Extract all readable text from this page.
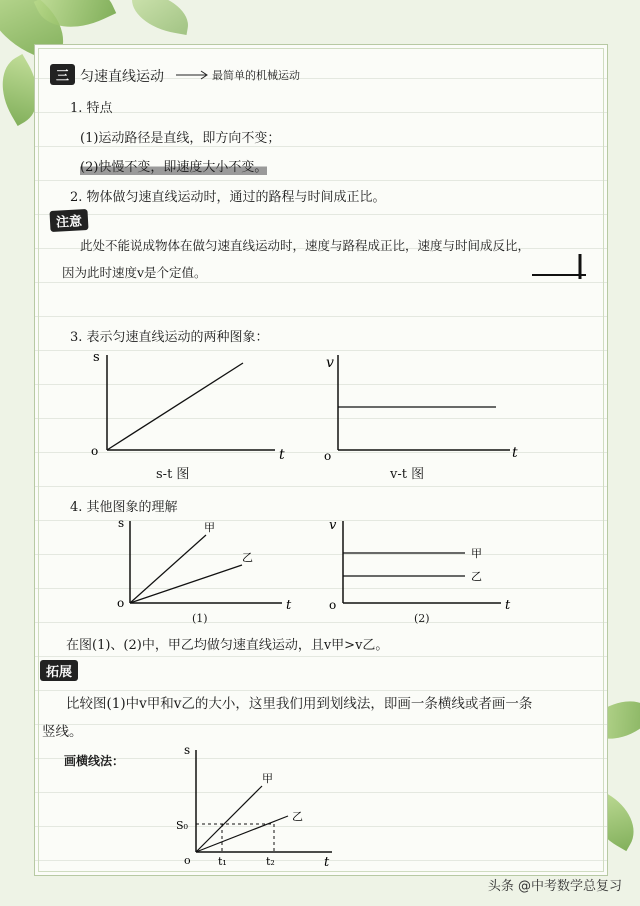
三 匀速直线运动	最简单的机械运动
1. 特点
(1)运动路径是直线，即方向不变；
(2)快慢不变，即速度大小不变。
2. 物体做匀速直线运动时，通过的路程与时间成正比。
注意
此处不能说成物体在做匀速直线运动时，速度与路程成正比，速度与时间成反比，
因为此时速度v是个定值。
3. 表示匀速直线运动的两种图象：
s
o	t
s-t 图
v
o	t
v-t 图
4. 其他图象的理解
s
o	t
甲
乙
(1)
v
o	t
甲
乙
(2)
在图(1)、(2)中，甲乙均做匀速直线运动，且v甲>v乙。
拓展
比较图(1)中v甲和v乙的大小，这里我们用到划线法，即画一条横线或者画一条
竖线。
画横线法：
s
o	t
S₀
t₁	t₂
甲
乙
头条 @中考数学总复习
